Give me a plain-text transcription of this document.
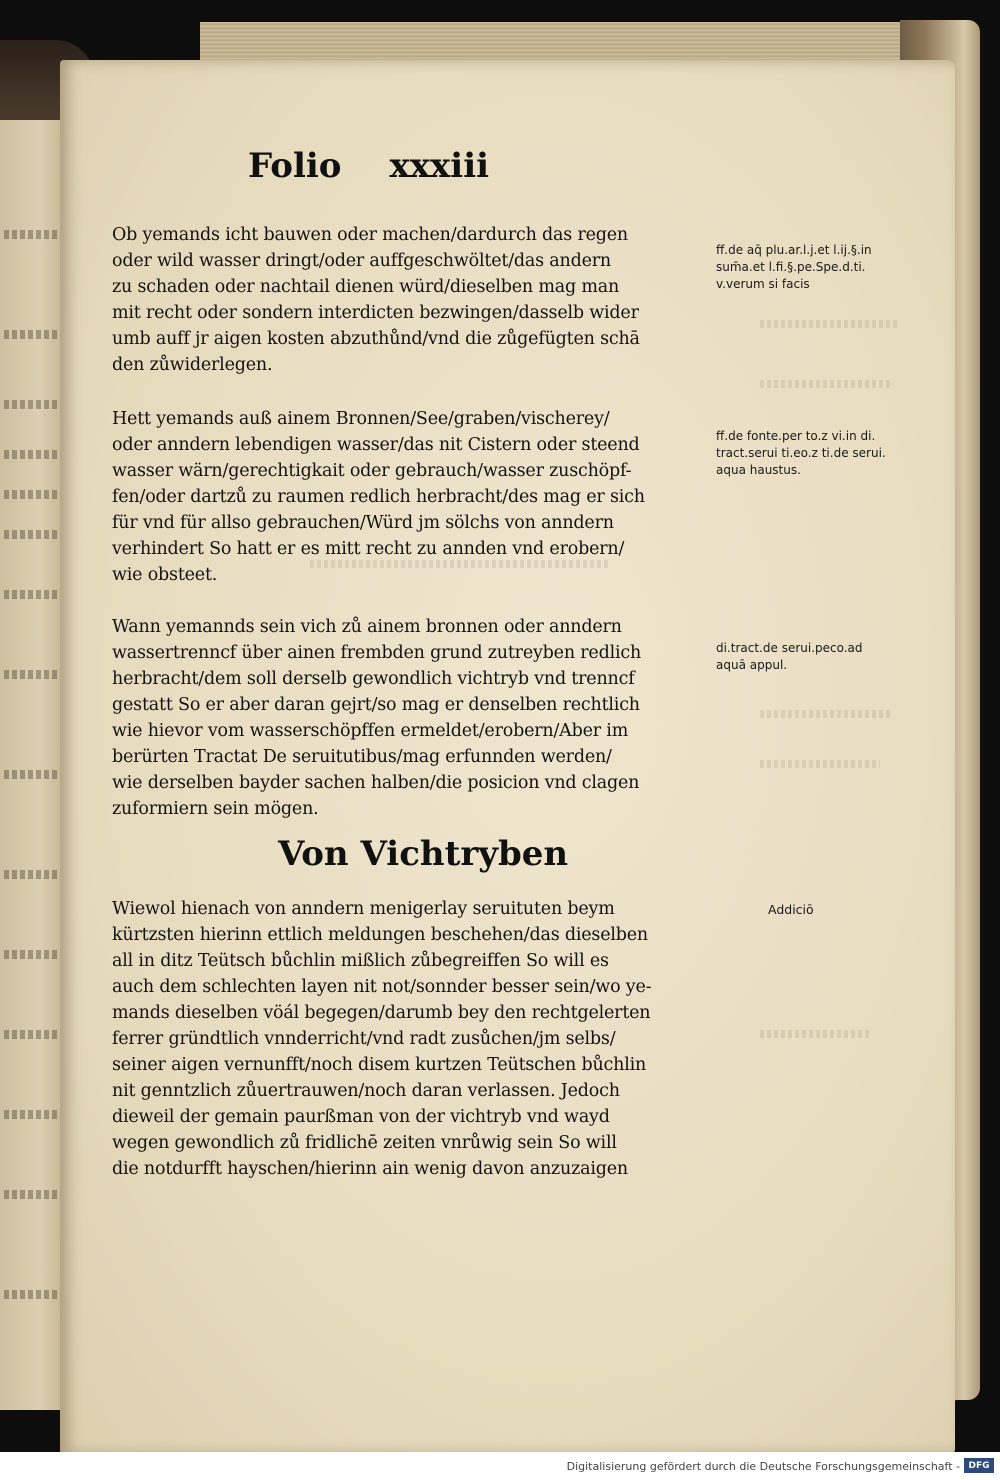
Folio xxxiii
Ob yemands icht bauwen oder machen/dardurch das regen
oder wild wasser dringt/oder auffgeschwöltet/das andern
zu schaden oder nachtail dienen würd/dieselben mag man
mit recht oder sondern interdicten bezwingen/dasselb wider
umb auff jr aigen kosten abzuthůnd/vnd die zůgefügten schā
den zůwiderlegen.
Hett yemands auß ainem Bronnen/See/graben/vischerey/
oder anndern lebendigen wasser/das nit Cistern oder steend
wasser wärn/gerechtigkait oder gebrauch/wasser zuschöpf-
fen/oder dartzů zu raumen redlich herbracht/des mag er sich
für vnd für allso gebrauchen/Würd jm sölchs von anndern
verhindert So hatt er es mitt recht zu annden vnd erobern/
wie obsteet.
Wann yemannds sein vich zů ainem bronnen oder anndern
wassertrenncf über ainen frembden grund zutreyben redlich
herbracht/dem soll derselb gewondlich vichtryb vnd trenncf
gestatt So er aber daran gejrt/so mag er denselben rechtlich
wie hievor vom wasserschöpffen ermeldet/erobern/Aber im
berürten Tractat De seruitutibus/mag erfunnden werden/
wie derselben bayder sachen halben/die posicion vnd clagen
zuformiern sein mögen.
Von Vichtryben
Wiewol hienach von anndern menigerlay seruituten beym
kürtzsten hierinn ettlich meldungen beschehen/das dieselben
all in ditz Teütsch bůchlin mißlich zůbegreiffen So will es
auch dem schlechten layen nit not/sonnder besser sein/wo ye-
mands dieselben vöál begegen/darumb bey den rechtgelerten
ferrer gründtlich vnnderricht/vnd radt zusůchen/jm selbs/
seiner aigen vernunfft/noch disem kurtzen Teütschen bůchlin
nit genntzlich zůuertrauwen/noch daran verlassen. Jedoch
dieweil der gemain paurßman von der vichtryb vnd wayd
wegen gewondlich zů fridlichē zeiten vnrůwig sein So will
die notdurfft hayschen/hierinn ain wenig davon anzuzaigen
ff.de aq̄ plu.ar.l.j.et l.ij.§.in
sum̄a.et l.fi.§.pe.Spe.d.ti.
v.verum si facis
ff.de fonte.per to.z vi.in di.
tract.serui ti.eo.z ti.de serui.
aqua haustus.
di.tract.de serui.peco.ad
aquā appul.
Addiciō
Digitalisierung gefördert durch die Deutsche Forschungsgemeinschaft - DFG
